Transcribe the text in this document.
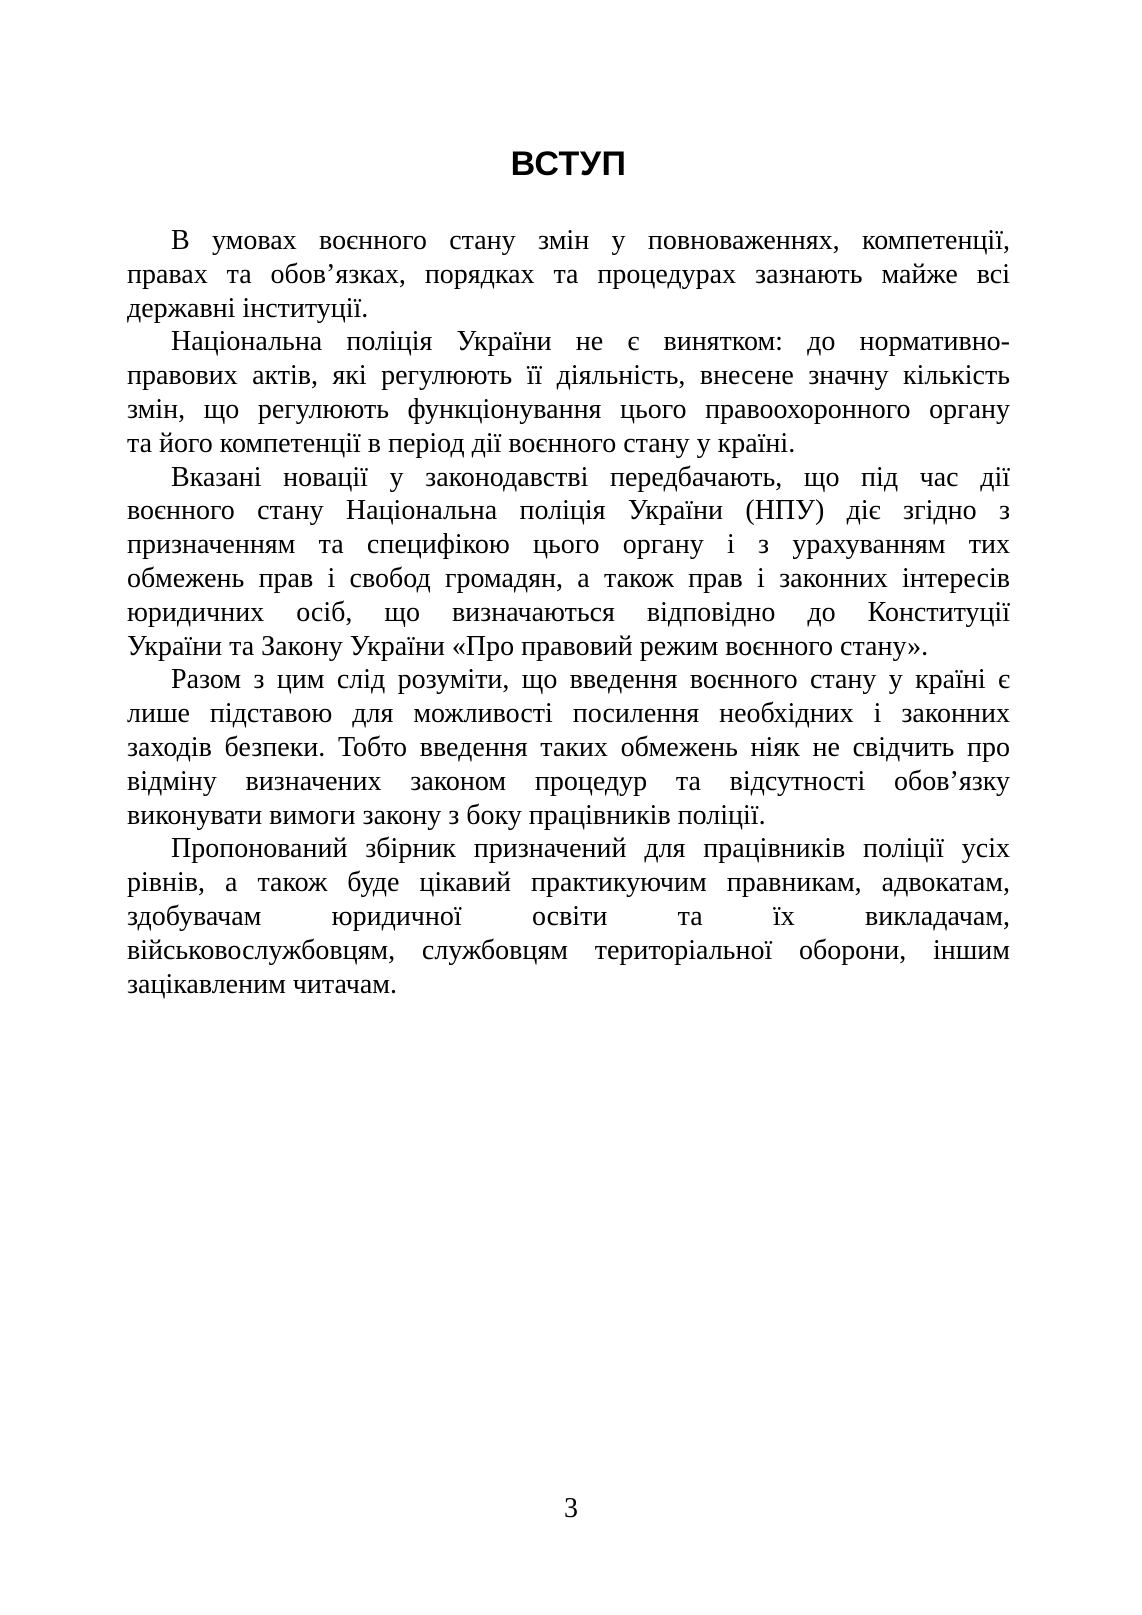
ВСТУП
В умовах воєнного стану змін у повноваженнях, компетенції,
правах та обов’язках, порядках та процедурах зазнають майже всі
державні інституції.
Національна поліція України не є винятком: до нормативно-
правових актів, які регулюють її діяльність, внесене значну кількість
змін, що регулюють функціонування цього правоохоронного органу
та його компетенції в період дії воєнного стану у країні.
Вказані новації у законодавстві передбачають, що під час дії
воєнного стану Національна поліція України (НПУ) діє згідно з
призначенням та специфікою цього органу і з урахуванням тих
обмежень прав і свобод громадян, а також прав і законних інтересів
юридичних осіб, що визначаються відповідно до Конституції
України та Закону України «Про правовий режим воєнного стану».
Разом з цим слід розуміти, що введення воєнного стану у країні є
лише підставою для можливості посилення необхідних і законних
заходів безпеки. Тобто введення таких обмежень ніяк не свідчить про
відміну визначених законом процедур та відсутності обов’язку
виконувати вимоги закону з боку працівників поліції.
Пропонований збірник призначений для працівників поліції усіх
рівнів, а також буде цікавий практикуючим правникам, адвокатам,
здобувачам юридичної освіти та їх викладачам,
військовослужбовцям, службовцям територіальної оборони, іншим
зацікавленим читачам.
3
